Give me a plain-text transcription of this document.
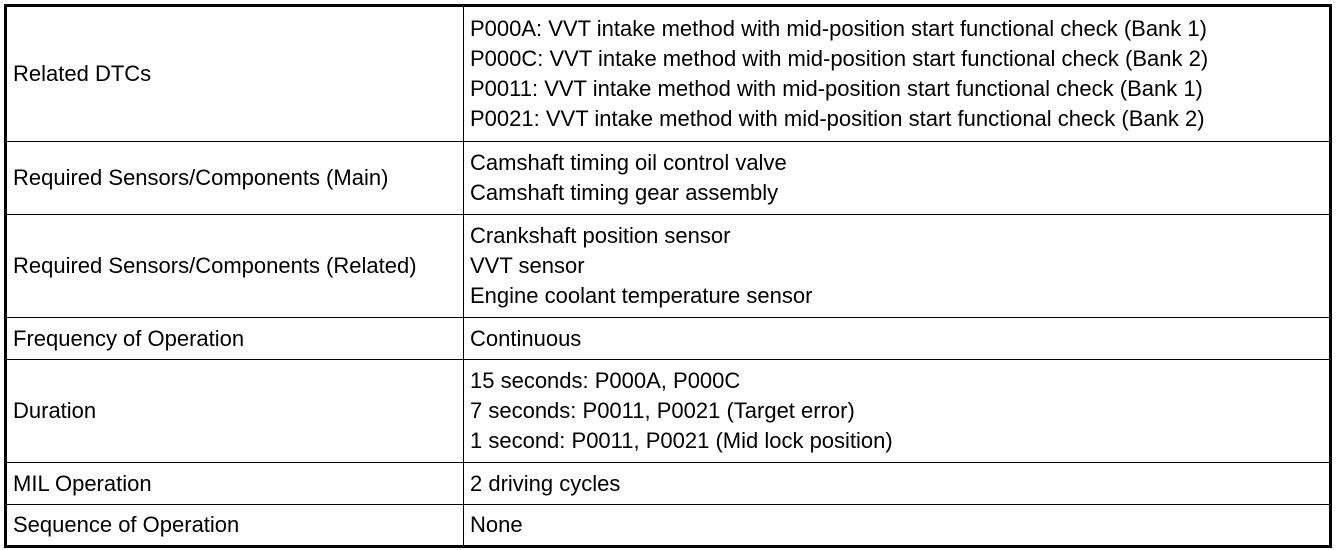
Related DTCs	P000A: VVT intake method with mid-position start functional check (Bank 1)
P000C: VVT intake method with mid-position start functional check (Bank 2)
P0011: VVT intake method with mid-position start functional check (Bank 1)
P0021: VVT intake method with mid-position start functional check (Bank 2)

Required Sensors/Components (Main)	Camshaft timing oil control valve
Camshaft timing gear assembly

Required Sensors/Components (Related)	Crankshaft position sensor
VVT sensor
Engine coolant temperature sensor

Frequency of Operation	Continuous

Duration	15 seconds: P000A, P000C
7 seconds: P0011, P0021 (Target error)
1 second: P0011, P0021 (Mid lock position)

MIL Operation	2 driving cycles

Sequence of Operation	None
